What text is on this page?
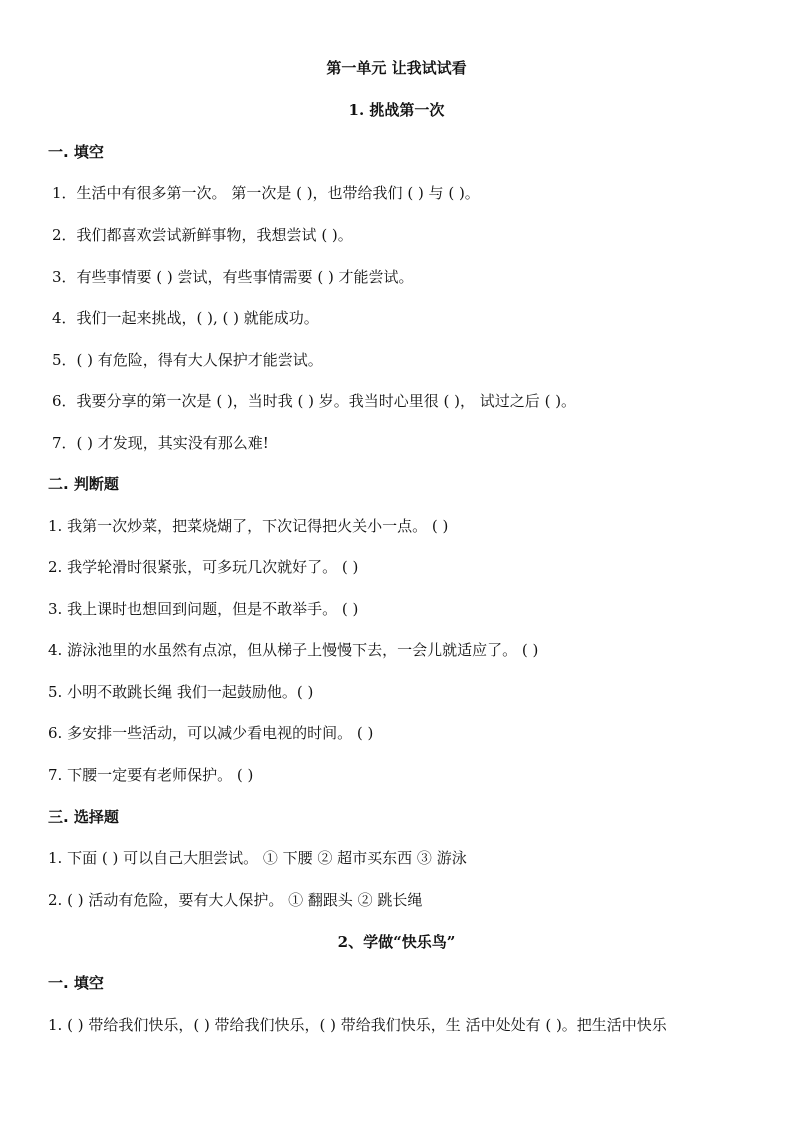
第一单元 让我试试看
1. 挑战第一次
一. 填空
1．生活中有很多第一次。 第一次是 ( )，也带给我们 ( ) 与 ( )。
2．我们都喜欢尝试新鲜事物，我想尝试 ( )。
3．有些事情要 ( ) 尝试，有些事情需要 ( ) 才能尝试。
4．我们一起来挑战，( ), ( ) 就能成功。
5．( ) 有危险，得有大人保护才能尝试。
6．我要分享的第一次是 ( )，当时我 ( ) 岁。我当时心里很 ( )， 试过之后 ( )。
7．( ) 才发现，其实没有那么难!
二. 判断题
1. 我第一次炒菜，把菜烧煳了，下次记得把火关小一点。 ( )
2. 我学轮滑时很紧张，可多玩几次就好了。 ( )
3. 我上课时也想回到问题，但是不敢举手。 ( )
4. 游泳池里的水虽然有点凉，但从梯子上慢慢下去，一会儿就适应了。 ( )
5. 小明不敢跳长绳 我们一起鼓励他。( )
6. 多安排一些活动，可以减少看电视的时间。 ( )
7. 下腰一定要有老师保护。 ( )
三. 选择题
1. 下面 ( ) 可以自己大胆尝试。 ① 下腰 ② 超市买东西 ③ 游泳
2. ( ) 活动有危险，要有大人保护。 ① 翻跟头 ② 跳长绳
2、学做“快乐鸟”
一. 填空
1. ( ) 带给我们快乐，( ) 带给我们快乐，( ) 带给我们快乐，生 活中处处有 ( )。把生活中快乐
